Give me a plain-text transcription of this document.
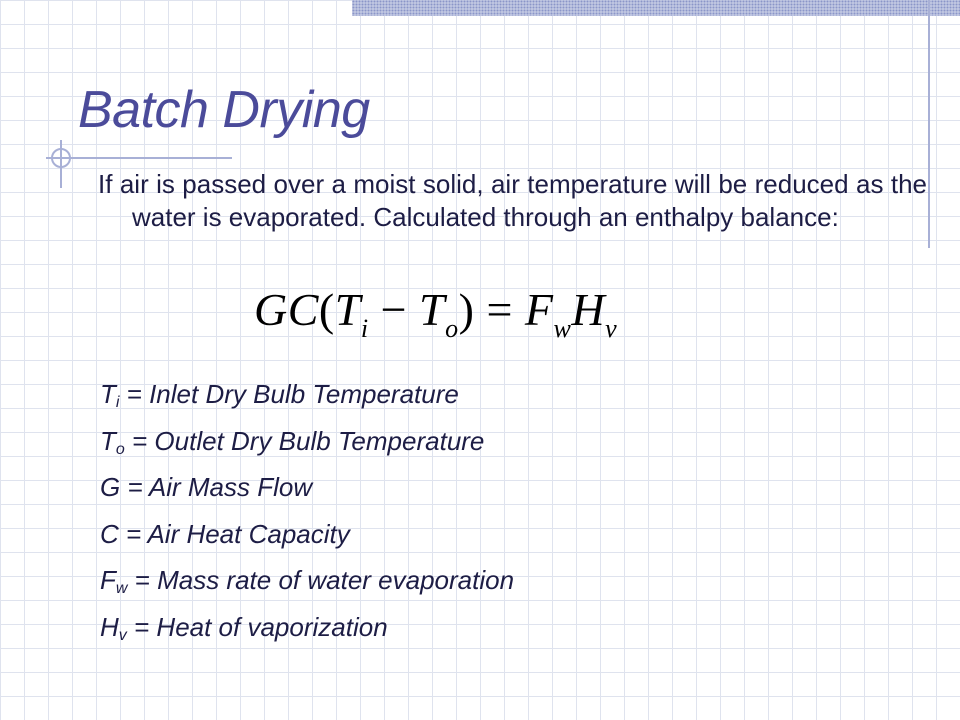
Batch Drying
If air is passed over a moist solid, air temperature will be reduced as the water is evaporated. Calculated through an enthalpy balance:
$GC(T_i - T_o) = F_wH_v$
$T_i$ = Inlet Dry Bulb Temperature
$T_o$ = Outlet Dry Bulb Temperature
G = Air Mass Flow
C = Air Heat Capacity
$F_w$ = Mass rate of water evaporation
$H_v$ = Heat of vaporization
